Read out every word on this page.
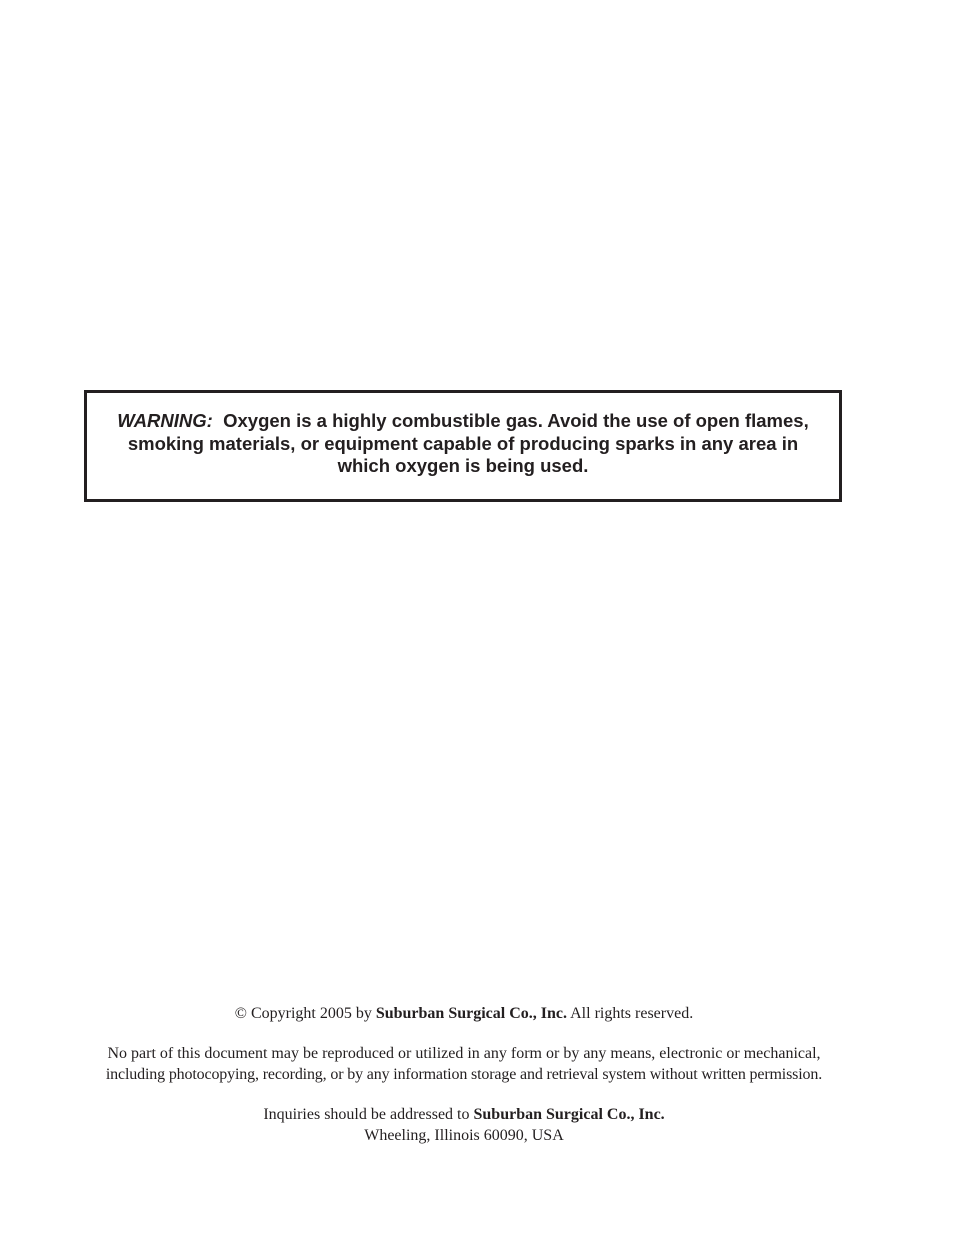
WARNING: Oxygen is a highly combustible gas. Avoid the use of open flames, smoking materials, or equipment capable of producing sparks in any area in which oxygen is being used.

© Copyright 2005 by Suburban Surgical Co., Inc. All rights reserved.

No part of this document may be reproduced or utilized in any form or by any means, electronic or mechanical,

including photocopying, recording, or by any information storage and retrieval system without written permission.

Inquiries should be addressed to Suburban Surgical Co., Inc.

Wheeling, Illinois 60090, USA
